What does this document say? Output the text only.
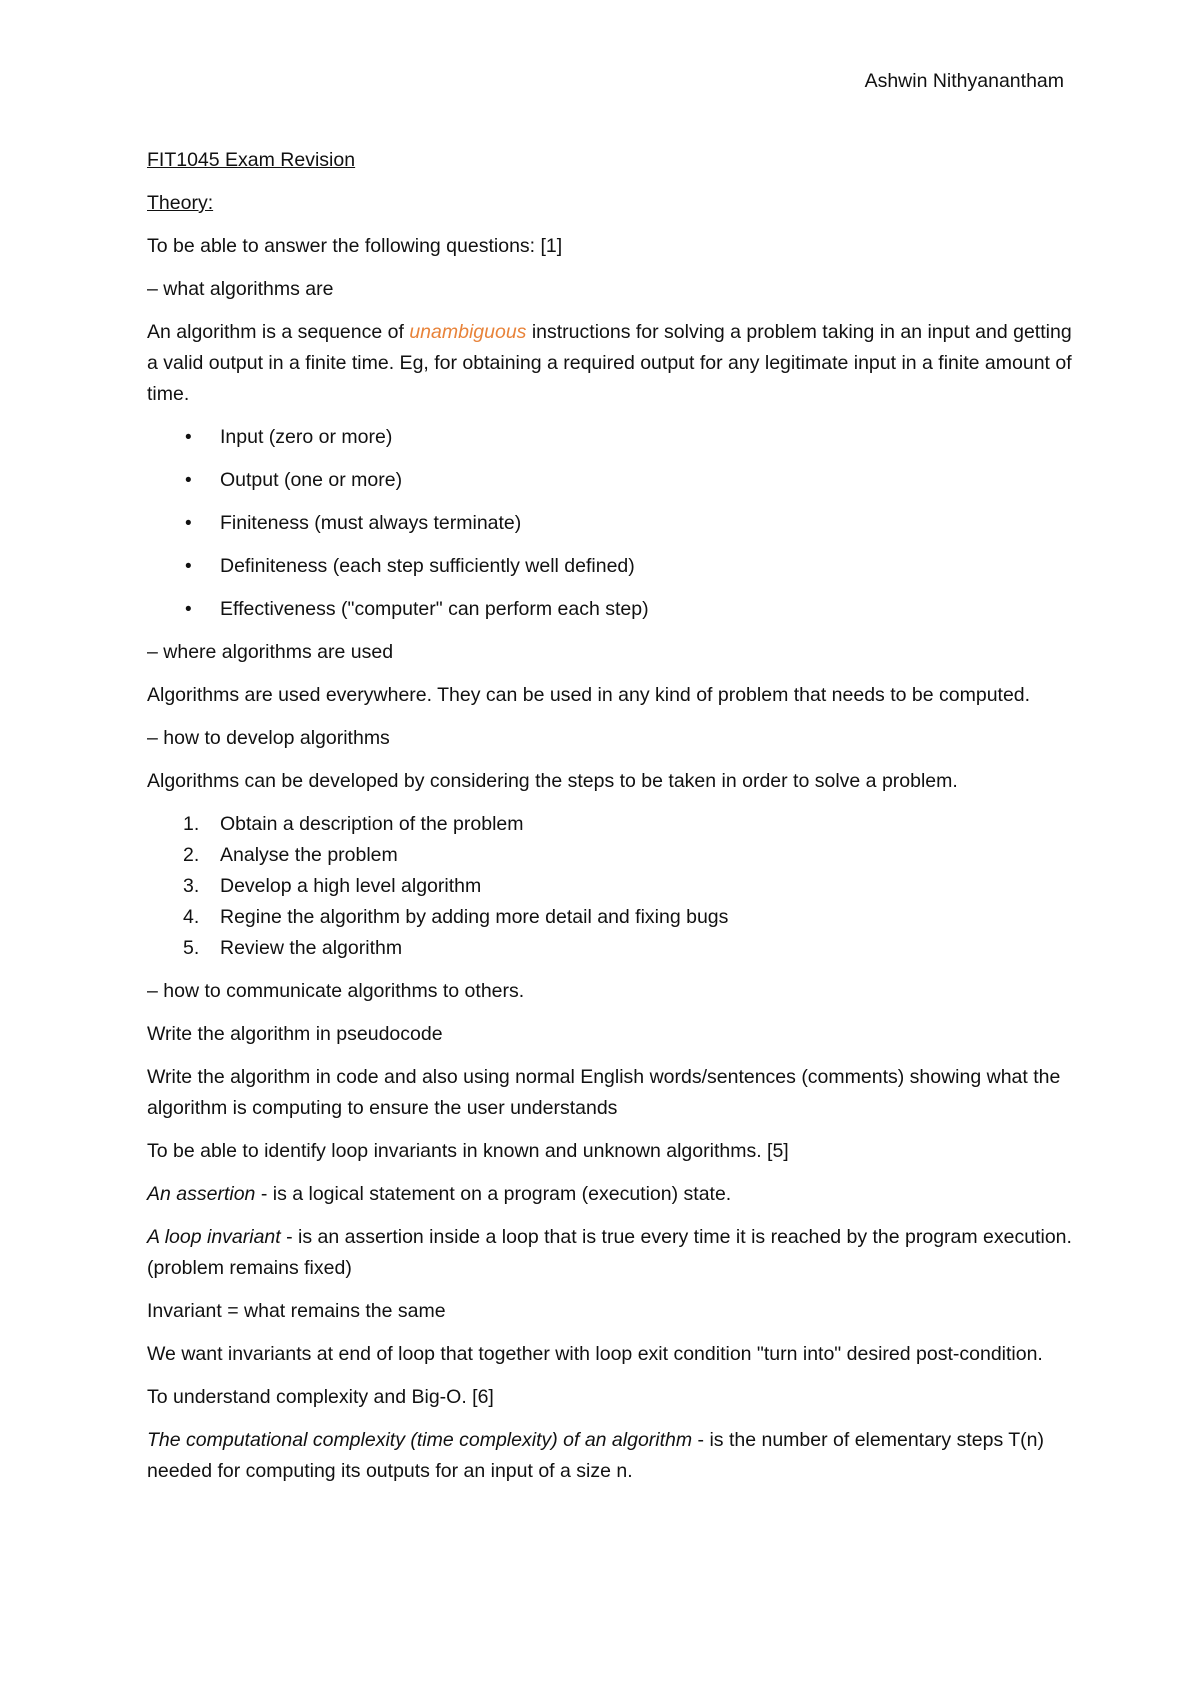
Ashwin Nithyanantham

FIT1045 Exam Revision

Theory:

To be able to answer the following questions: [1]

– what algorithms are

An algorithm is a sequence of unambiguous instructions for solving a problem taking in an input and getting a valid output in a finite time. Eg, for obtaining a required output for any legitimate input in a finite amount of time.

• Input (zero or more)
• Output (one or more)
• Finiteness (must always terminate)
• Definiteness (each step sufficiently well defined)
• Effectiveness ("computer" can perform each step)

– where algorithms are used

Algorithms are used everywhere. They can be used in any kind of problem that needs to be computed.

– how to develop algorithms

Algorithms can be developed by considering the steps to be taken in order to solve a problem.

1. Obtain a description of the problem
2. Analyse the problem
3. Develop a high level algorithm
4. Regine the algorithm by adding more detail and fixing bugs
5. Review the algorithm

– how to communicate algorithms to others.

Write the algorithm in pseudocode

Write the algorithm in code and also using normal English words/sentences (comments) showing what the algorithm is computing to ensure the user understands

To be able to identify loop invariants in known and unknown algorithms. [5]

An assertion - is a logical statement on a program (execution) state.

A loop invariant - is an assertion inside a loop that is true every time it is reached by the program execution. (problem remains fixed)

Invariant = what remains the same

We want invariants at end of loop that together with loop exit condition "turn into" desired post-condition.

To understand complexity and Big-O. [6]

The computational complexity (time complexity) of an algorithm - is the number of elementary steps T(n) needed for computing its outputs for an input of a size n.
